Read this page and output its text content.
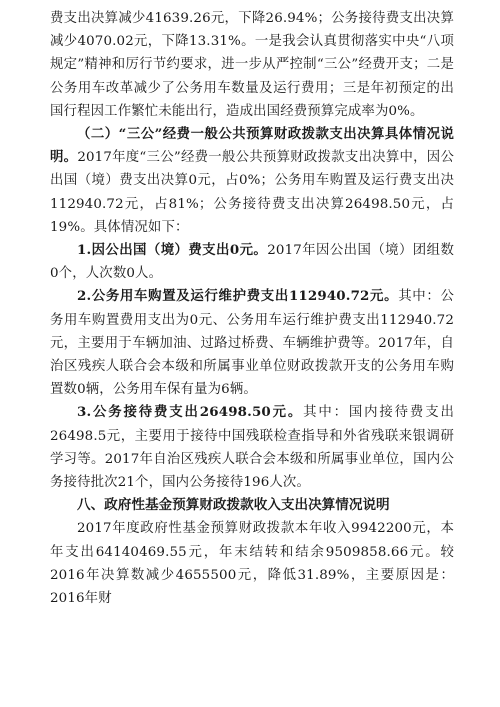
费支出决算减少41639.26元，下降26.94%；公务接待费支出决算减少4070.02元，下降13.31%。一是我会认真贯彻落实中央“八项规定”精神和厉行节约要求，进一步从严控制“三公”经费开支；二是公务用车改革减少了公务用车数量及运行费用；三是年初预定的出国行程因工作繁忙未能出行，造成出国经费预算完成率为0%。

（二）“三公”经费一般公共预算财政拨款支出决算具体情况说明。2017年度“三公”经费一般公共预算财政拨款支出决算中，因公出国（境）费支出决算0元，占0%；公务用车购置及运行费支出决112940.72元，占81%；公务接待费支出决算26498.50元，占19%。具体情况如下：

1.因公出国（境）费支出0元。2017年因公出国（境）团组数0个，人次数0人。

2.公务用车购置及运行维护费支出112940.72元。其中：公务用车购置费用支出为0元、公务用车运行维护费支出112940.72元，主要用于车辆加油、过路过桥费、车辆维护费等。2017年，自治区残疾人联合会本级和所属事业单位财政拨款开支的公务用车购置数0辆，公务用车保有量为6辆。

3.公务接待费支出26498.50元。其中：国内接待费支出26498.5元，主要用于接待中国残联检查指导和外省残联来银调研学习等。2017年自治区残疾人联合会本级和所属事业单位，国内公务接待批次21个，国内公务接待196人次。

八、政府性基金预算财政拨款收入支出决算情况说明

2017年度政府性基金预算财政拨款本年收入9942200元，本年支出64140469.55元，年末结转和结余9509858.66元。较2016年决算数减少4655500元，降低31.89%，主要原因是：2016年财
